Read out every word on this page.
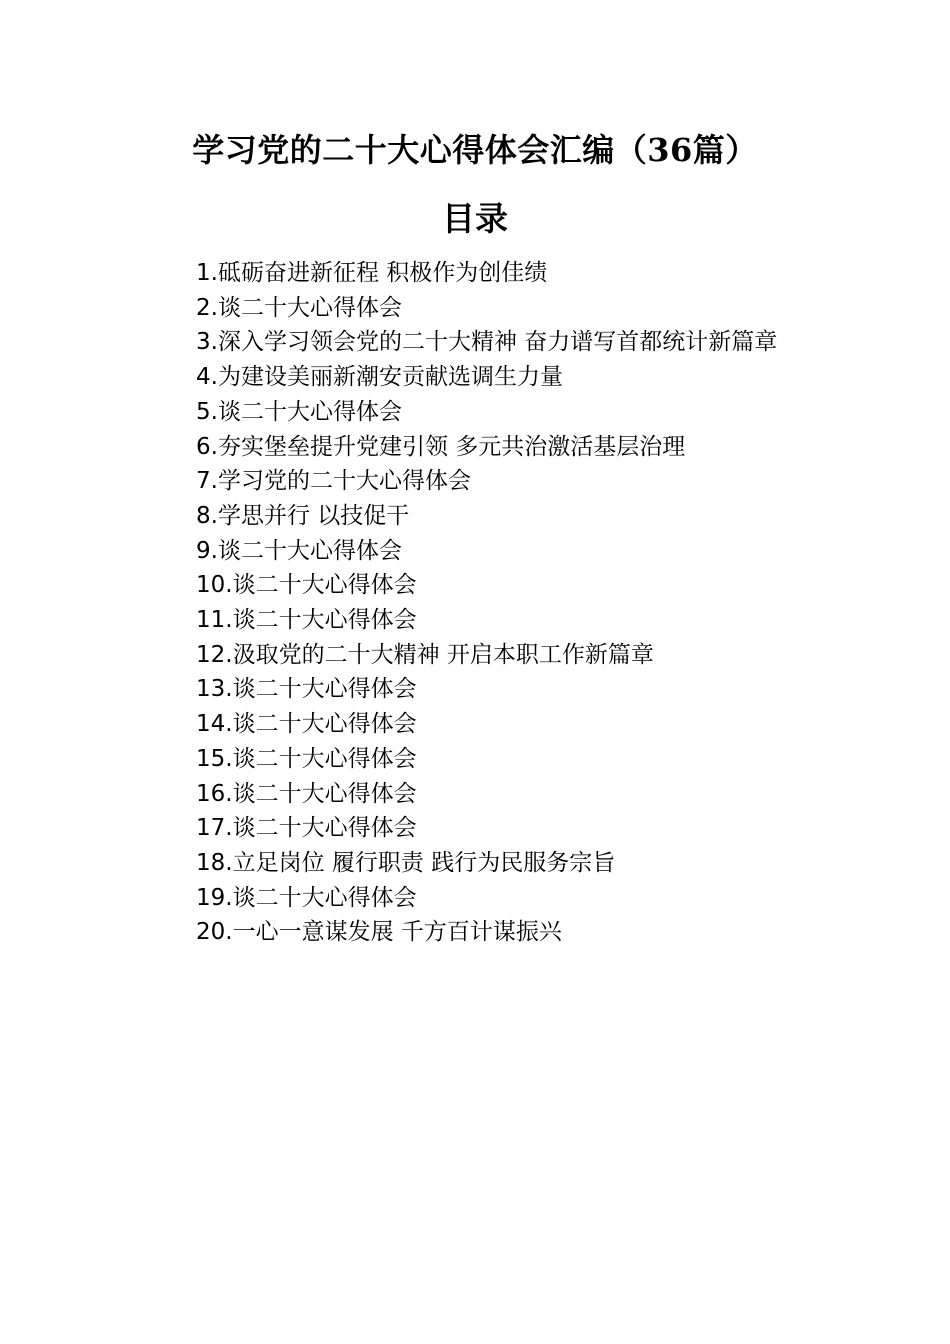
学习党的二十大心得体会汇编（36篇）
目录
1.砥砺奋进新征程 积极作为创佳绩
2.谈二十大心得体会
3.深入学习领会党的二十大精神 奋力谱写首都统计新篇章
4.为建设美丽新潮安贡献选调生力量
5.谈二十大心得体会
6.夯实堡垒提升党建引领 多元共治激活基层治理
7.学习党的二十大心得体会
8.学思并行 以技促干
9.谈二十大心得体会
10.谈二十大心得体会
11.谈二十大心得体会
12.汲取党的二十大精神 开启本职工作新篇章
13.谈二十大心得体会
14.谈二十大心得体会
15.谈二十大心得体会
16.谈二十大心得体会
17.谈二十大心得体会
18.立足岗位 履行职责 践行为民服务宗旨
19.谈二十大心得体会
20.一心一意谋发展 千方百计谋振兴
